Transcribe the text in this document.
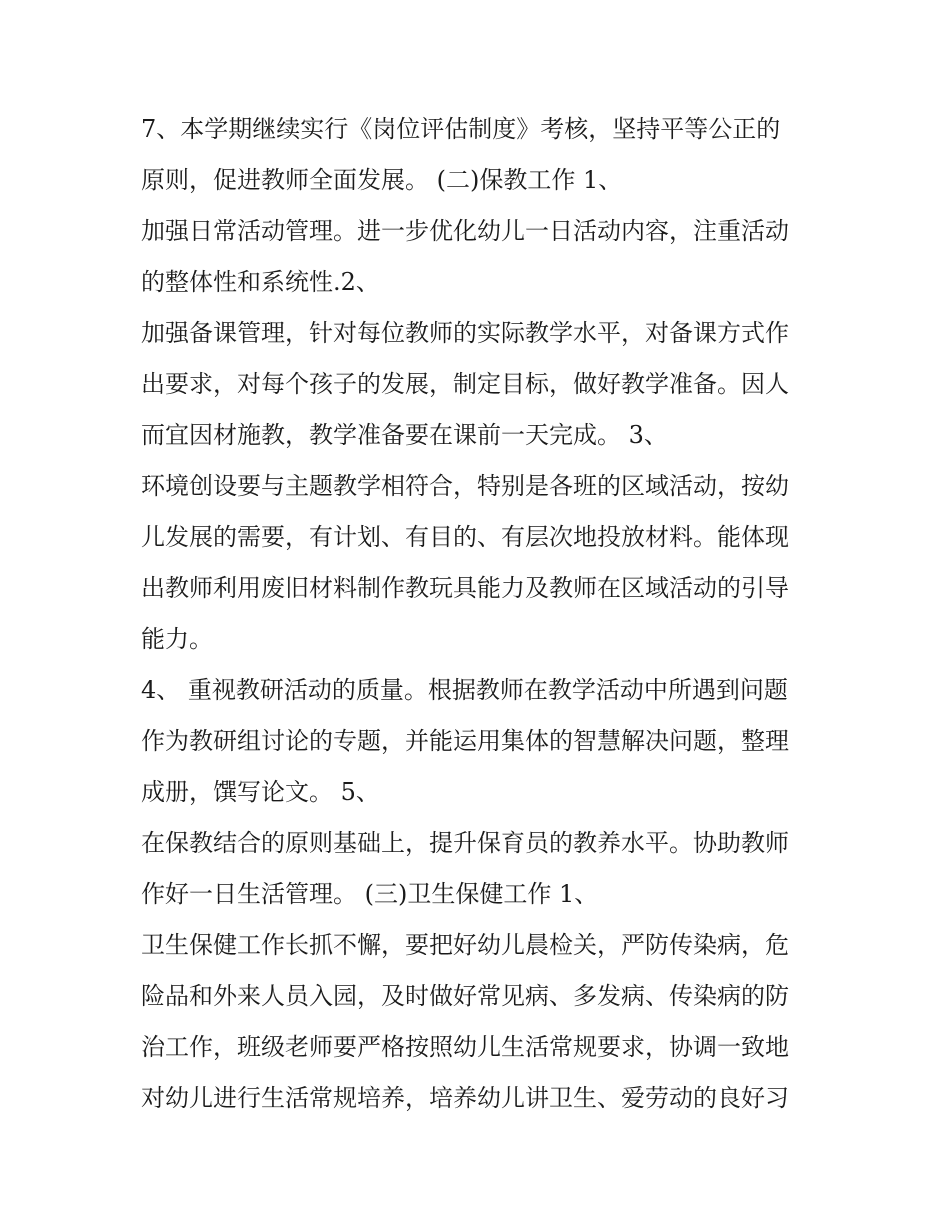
7、本学期继续实行《岗位评估制度》考核，坚持平等公正的
原则，促进教师全面发展。 (二)保教工作 1、
加强日常活动管理。进一步优化幼儿一日活动内容，注重活动
的整体性和系统性.2、
加强备课管理，针对每位教师的实际教学水平，对备课方式作
出要求，对每个孩子的发展，制定目标，做好教学准备。因人
而宜因材施教，教学准备要在课前一天完成。 3、
环境创设要与主题教学相符合，特别是各班的区域活动，按幼
儿发展的需要，有计划、有目的、有层次地投放材料。能体现
出教师利用废旧材料制作教玩具能力及教师在区域活动的引导
能力。
4、 重视教研活动的质量。根据教师在教学活动中所遇到问题
作为教研组讨论的专题，并能运用集体的智慧解决问题，整理
成册，馔写论文。 5、
在保教结合的原则基础上，提升保育员的教养水平。协助教师
作好一日生活管理。 (三)卫生保健工作 1、
卫生保健工作长抓不懈，要把好幼儿晨检关，严防传染病，危
险品和外来人员入园，及时做好常见病、多发病、传染病的防
治工作，班级老师要严格按照幼儿生活常规要求，协调一致地
对幼儿进行生活常规培养，培养幼儿讲卫生、爱劳动的良好习
